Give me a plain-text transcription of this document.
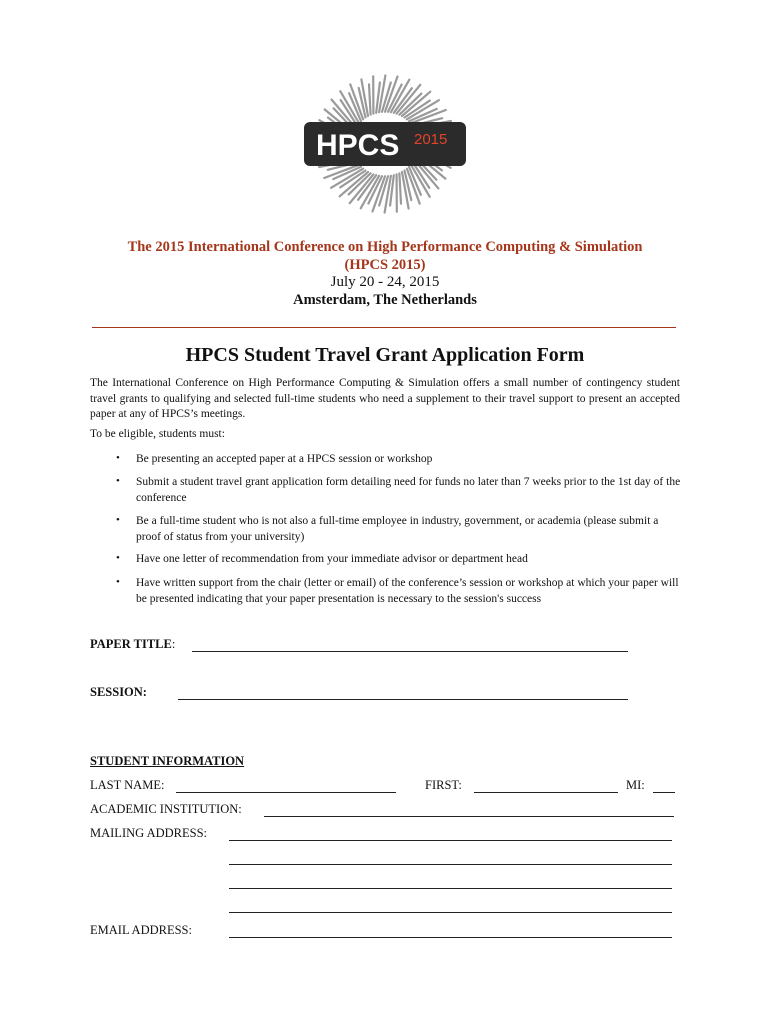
HPCS 2015
The 2015 International Conference on High Performance Computing & Simulation
(HPCS 2015)
July 20 - 24, 2015
Amsterdam, The Netherlands
HPCS Student Travel Grant Application Form
The International Conference on High Performance Computing & Simulation offers a small number of contingency student travel grants to qualifying and selected full-time students who need a supplement to their travel support to present an accepted paper at any of HPCS’s meetings.
To be eligible, students must:
•	Be presenting an accepted paper at a HPCS session or workshop
•	Submit a student travel grant application form detailing need for funds no later than 7 weeks prior to the 1st day of the conference
•	Be a full-time student who is not also a full-time employee in industry, government, or academia (please submit a proof of status from your university)
•	Have one letter of recommendation from your immediate advisor or department head
•	Have written support from the chair (letter or email) of the conference’s session or workshop at which your paper will be presented indicating that your paper presentation is necessary to the session's success
PAPER TITLE:
SESSION:
STUDENT INFORMATION
LAST NAME:	FIRST:	MI:
ACADEMIC INSTITUTION:
MAILING ADDRESS:
EMAIL ADDRESS:
